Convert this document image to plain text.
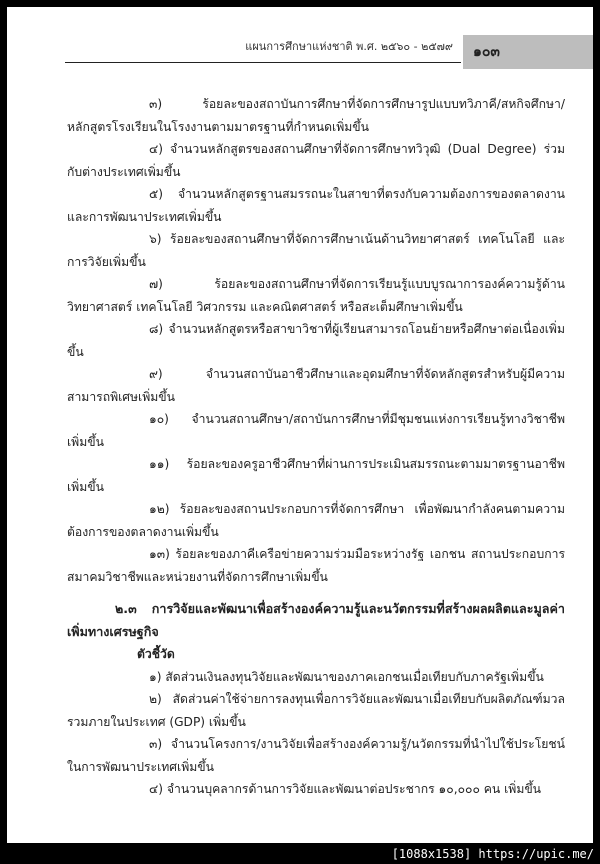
แผนการศึกษาแห่งชาติ พ.ศ. ๒๕๖๐ - ๒๕๗๙	๑๐๓

๓) ร้อยละของสถาบันการศึกษาที่จัดการศึกษารูปแบบทวิภาคี/สหกิจศึกษา/หลักสูตรโรงเรียนในโรงงานตามมาตรฐานที่กำหนดเพิ่มขึ้น

๔) จำนวนหลักสูตรของสถานศึกษาที่จัดการศึกษาทวิวุฒิ (Dual Degree) ร่วมกับต่างประเทศเพิ่มขึ้น

๕) จำนวนหลักสูตรฐานสมรรถนะในสาขาที่ตรงกับความต้องการของตลาดงานและการพัฒนาประเทศเพิ่มขึ้น

๖) ร้อยละของสถานศึกษาที่จัดการศึกษาเน้นด้านวิทยาศาสตร์ เทคโนโลยี และการวิจัยเพิ่มขึ้น

๗) ร้อยละของสถานศึกษาที่จัดการเรียนรู้แบบบูรณาการองค์ความรู้ด้านวิทยาศาสตร์ เทคโนโลยี วิศวกรรม และคณิตศาสตร์ หรือสะเต็มศึกษาเพิ่มขึ้น

๘) จำนวนหลักสูตรหรือสาขาวิชาที่ผู้เรียนสามารถโอนย้ายหรือศึกษาต่อเนื่องเพิ่มขึ้น

๙) จำนวนสถาบันอาชีวศึกษาและอุดมศึกษาที่จัดหลักสูตรสำหรับผู้มีความสามารถพิเศษเพิ่มขึ้น

๑๐) จำนวนสถานศึกษา/สถาบันการศึกษาที่มีชุมชนแห่งการเรียนรู้ทางวิชาชีพเพิ่มขึ้น

๑๑) ร้อยละของครูอาชีวศึกษาที่ผ่านการประเมินสมรรถนะตามมาตรฐานอาชีพเพิ่มขึ้น

๑๒) ร้อยละของสถานประกอบการที่จัดการศึกษา เพื่อพัฒนากำลังคนตามความต้องการของตลาดงานเพิ่มขึ้น

๑๓) ร้อยละของภาคีเครือข่ายความร่วมมือระหว่างรัฐ เอกชน สถานประกอบการ สมาคมวิชาชีพและหน่วยงานที่จัดการศึกษาเพิ่มขึ้น

๒.๓ การวิจัยและพัฒนาเพื่อสร้างองค์ความรู้และนวัตกรรมที่สร้างผลผลิตและมูลค่าเพิ่มทางเศรษฐกิจ

ตัวชี้วัด

๑) สัดส่วนเงินลงทุนวิจัยและพัฒนาของภาคเอกชนเมื่อเทียบกับภาครัฐเพิ่มขึ้น

๒) สัดส่วนค่าใช้จ่ายการลงทุนเพื่อการวิจัยและพัฒนาเมื่อเทียบกับผลิตภัณฑ์มวลรวมภายในประเทศ (GDP) เพิ่มขึ้น

๓) จำนวนโครงการ/งานวิจัยเพื่อสร้างองค์ความรู้/นวัตกรรมที่นำไปใช้ประโยชน์ในการพัฒนาประเทศเพิ่มขึ้น

๔) จำนวนบุคลากรด้านการวิจัยและพัฒนาต่อประชากร ๑๐,๐๐๐ คน เพิ่มขึ้น

[1088x1538] https://upic.me/
